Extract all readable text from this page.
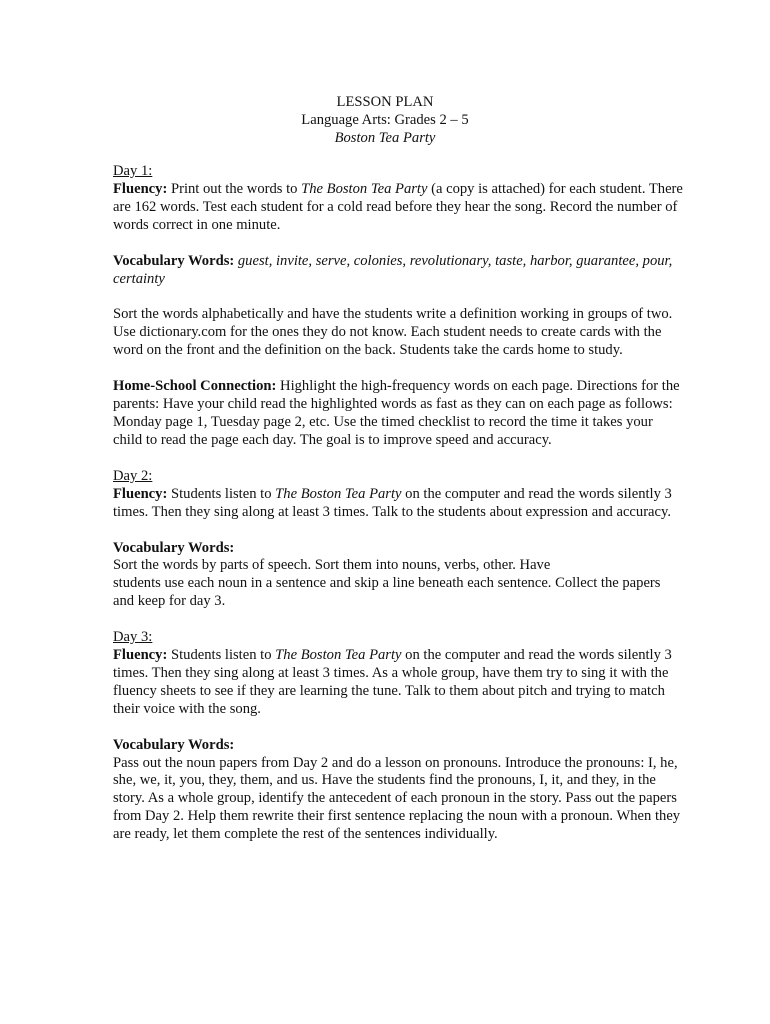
LESSON PLAN
Language Arts: Grades 2 – 5
Boston Tea Party

Day 1:

Fluency: Print out the words to The Boston Tea Party (a copy is attached) for each student. There are 162 words. Test each student for a cold read before they hear the song. Record the number of words correct in one minute.

Vocabulary Words: guest, invite, serve, colonies, revolutionary, taste, harbor, guarantee, pour, certainty

Sort the words alphabetically and have the students write a definition working in groups of two. Use dictionary.com for the ones they do not know. Each student needs to create cards with the word on the front and the definition on the back. Students take the cards home to study.

Home-School Connection: Highlight the high-frequency words on each page. Directions for the parents: Have your child read the highlighted words as fast as they can on each page as follows: Monday page 1, Tuesday page 2, etc. Use the timed checklist to record the time it takes your child to read the page each day. The goal is to improve speed and accuracy.

Day 2:

Fluency: Students listen to The Boston Tea Party on the computer and read the words silently 3 times. Then they sing along at least 3 times. Talk to the students about expression and accuracy.

Vocabulary Words:

Sort the words by parts of speech. Sort them into nouns, verbs, other. Have

students use each noun in a sentence and skip a line beneath each sentence. Collect the papers and keep for day 3.

Day 3:

Fluency: Students listen to The Boston Tea Party on the computer and read the words silently 3 times. Then they sing along at least 3 times. As a whole group, have them try to sing it with the fluency sheets to see if they are learning the tune. Talk to them about pitch and trying to match their voice with the song.

Vocabulary Words:

Pass out the noun papers from Day 2 and do a lesson on pronouns. Introduce the pronouns: I, he, she, we, it, you, they, them, and us. Have the students find the pronouns, I, it, and they, in the story. As a whole group, identify the antecedent of each pronoun in the story. Pass out the papers from Day 2. Help them rewrite their first sentence replacing the noun with a pronoun. When they are ready, let them complete the rest of the sentences individually.
